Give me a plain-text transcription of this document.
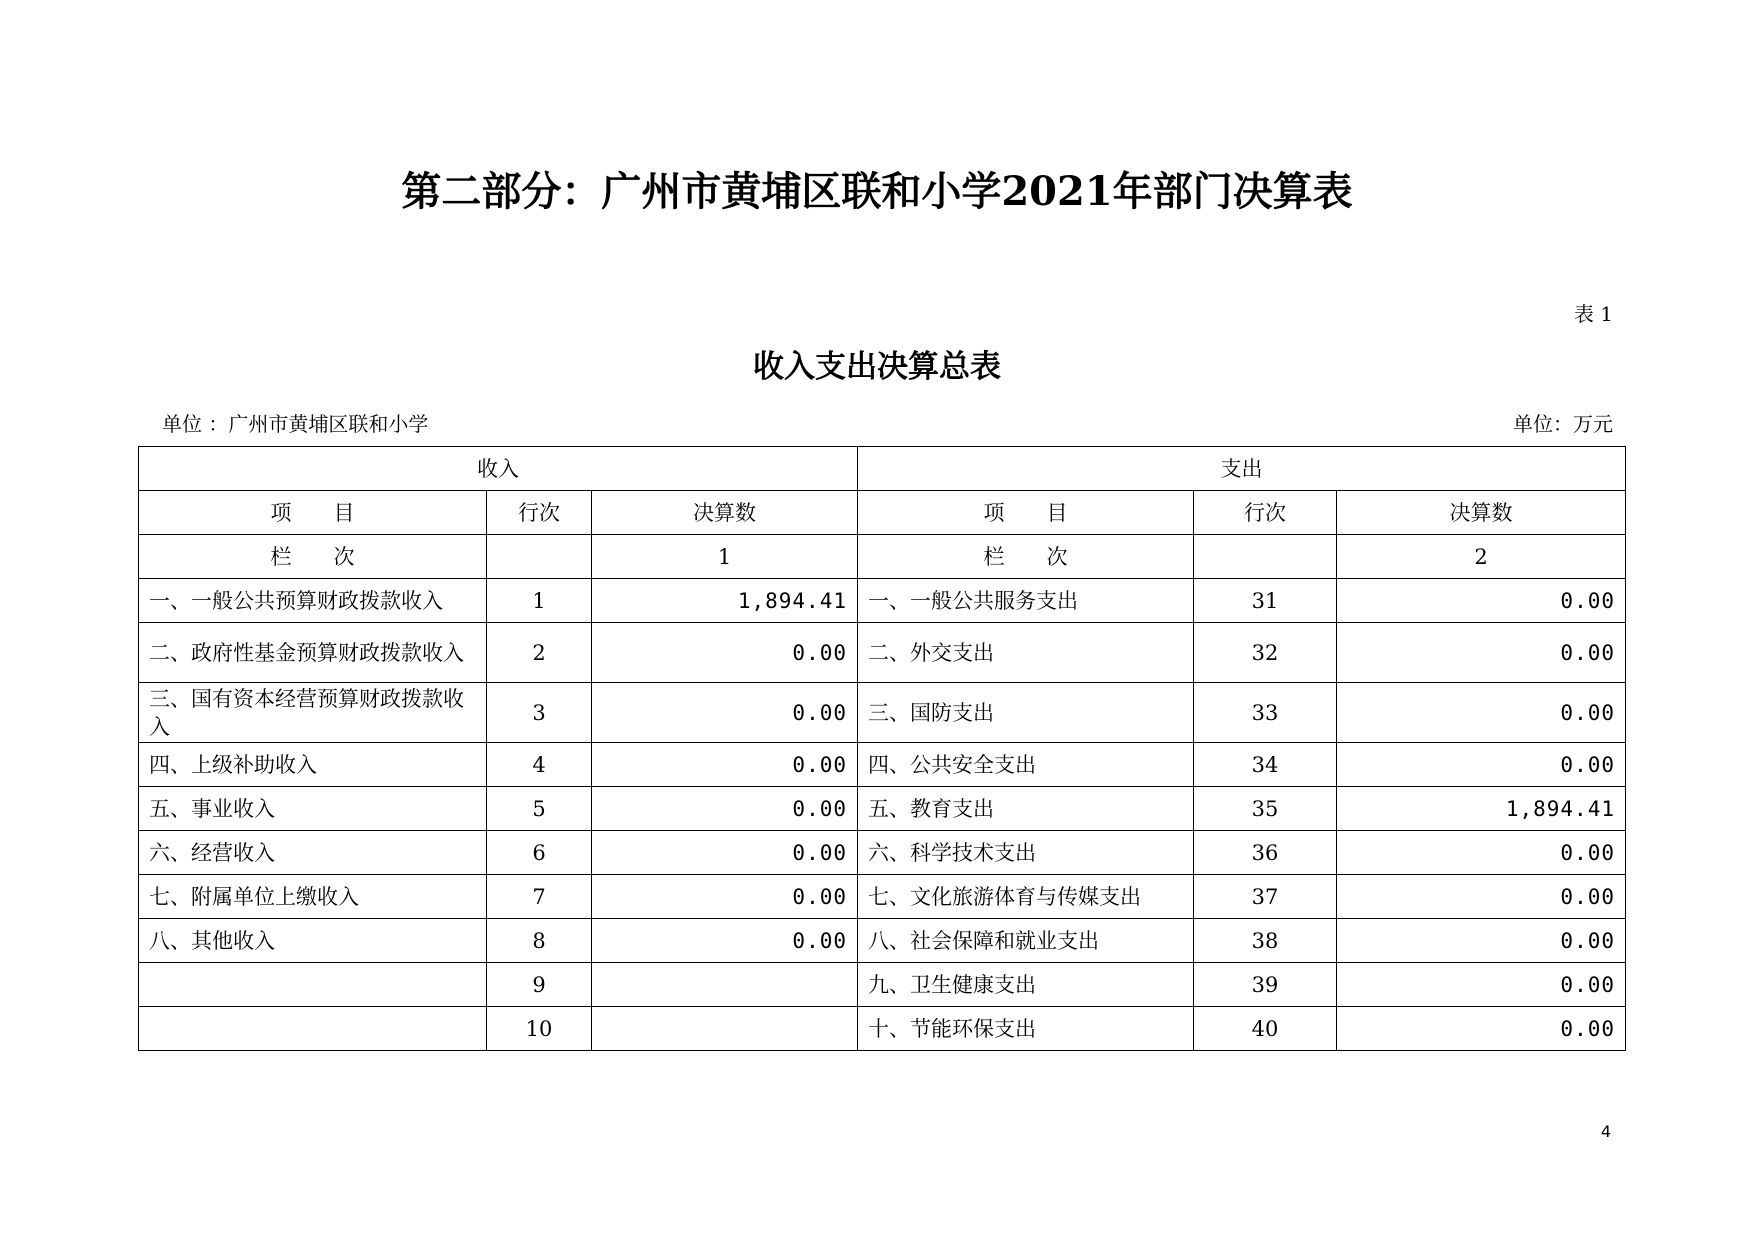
第二部分：广州市黄埔区联和小学2021年部门决算表
表 1
收入支出决算总表
单位 ：广州市黄埔区联和小学	单位：万元
收入			支出		
项　　目	行次	决算数	项　　目	行次	决算数
栏　　次		1	栏　　次		2
一、一般公共预算财政拨款收入	1	1,894.41	一、一般公共服务支出	31	0.00
二、政府性基金预算财政拨款收入	2	0.00	二、外交支出	32	0.00
三、国有资本经营预算财政拨款收入	3	0.00	三、国防支出	33	0.00
四、上级补助收入	4	0.00	四、公共安全支出	34	0.00
五、事业收入	5	0.00	五、教育支出	35	1,894.41
六、经营收入	6	0.00	六、科学技术支出	36	0.00
七、附属单位上缴收入	7	0.00	七、文化旅游体育与传媒支出	37	0.00
八、其他收入	8	0.00	八、社会保障和就业支出	38	0.00
	9		九、卫生健康支出	39	0.00
	10		十、节能环保支出	40	0.00
4
